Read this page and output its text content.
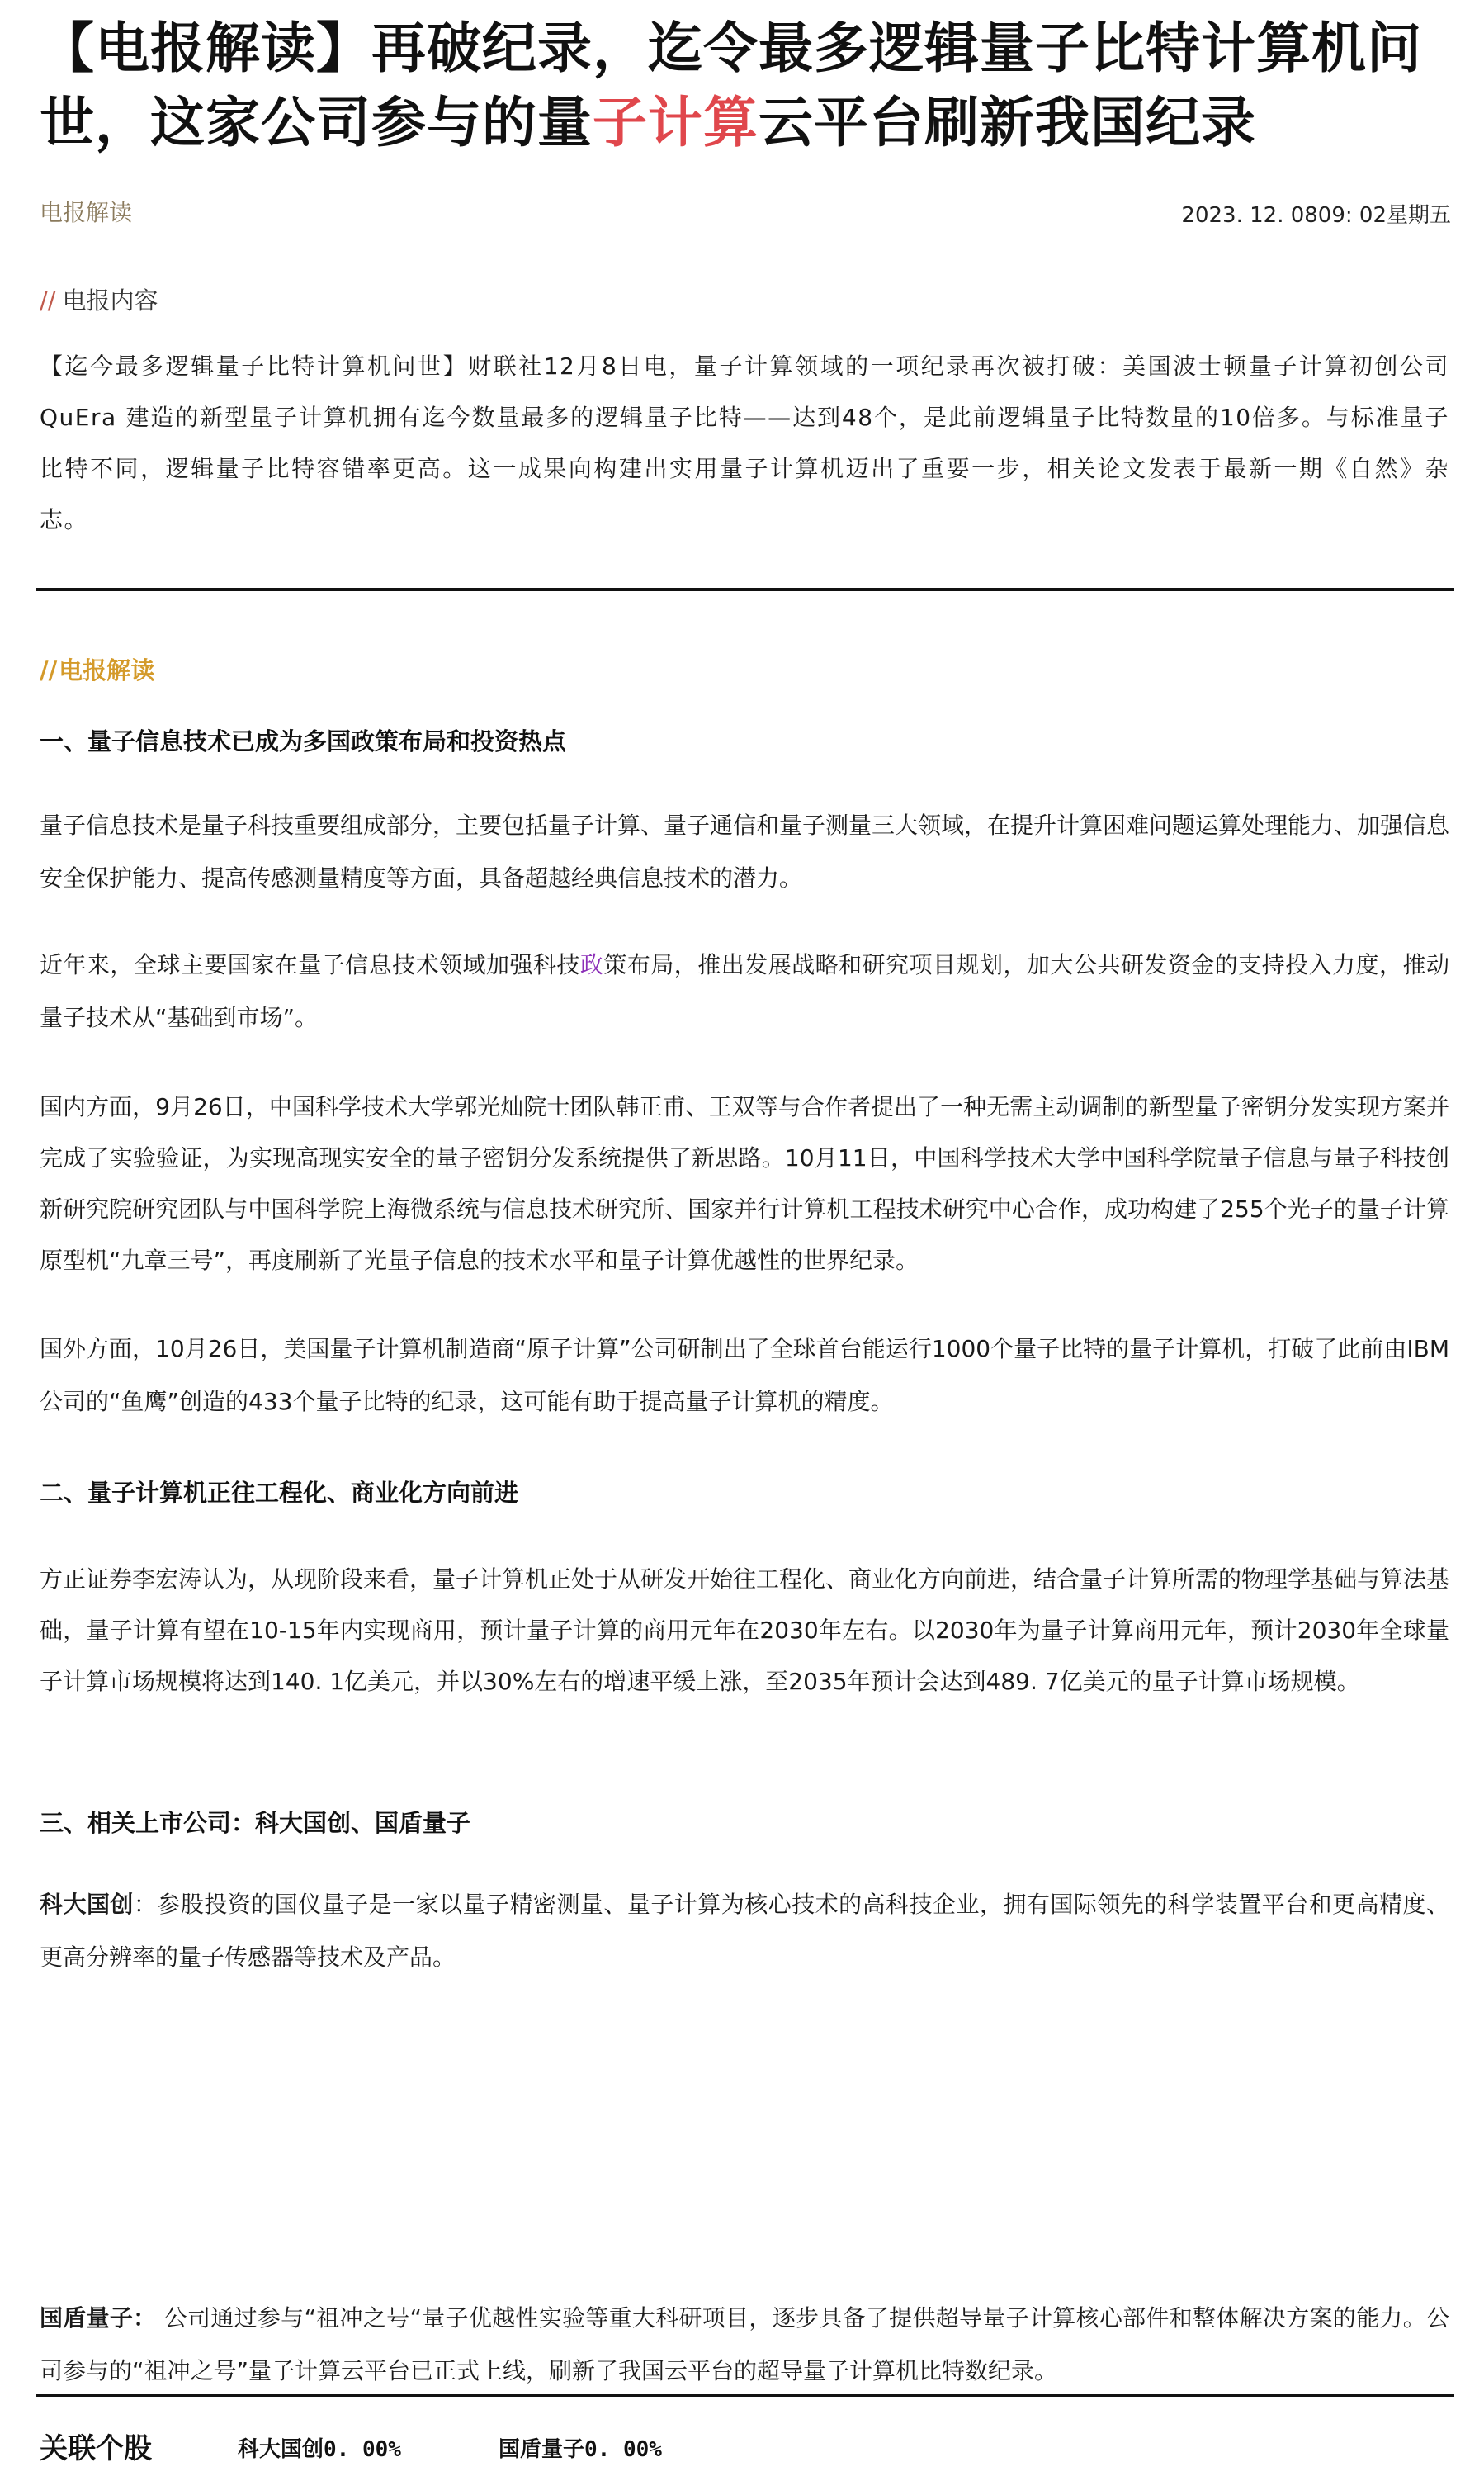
【电报解读】再破纪录，迄令最多逻辑量子比特计算机问世，这家公司参与的量子计算云平台刷新我国纪录
电报解读	2023. 12. 0809: 02星期五
// 电报内容
【迄今最多逻辑量子比特计算机问世】财联社12月8日电，量子计算领域的一项纪录再次被打破：美国波士顿量子计算初创公司QuEra 建造的新型量子计算机拥有迄今数量最多的逻辑量子比特——达到48个，是此前逻辑量子比特数量的10倍多。与标准量子比特不同，逻辑量子比特容错率更高。这一成果向构建出实用量子计算机迈出了重要一步，相关论文发表于最新一期《自然》杂志。
//电报解读
一、量子信息技术已成为多国政策布局和投资热点
量子信息技术是量子科技重要组成部分，主要包括量子计算、量子通信和量子测量三大领域，在提升计算困难问题运算处理能力、加强信息安全保护能力、提高传感测量精度等方面，具备超越经典信息技术的潜力。
近年来，全球主要国家在量子信息技术领域加强科技政策布局，推出发展战略和研究项目规划，加大公共研发资金的支持投入力度，推动量子技术从“基础到市场”。
国内方面，9月26日，中国科学技术大学郭光灿院士团队韩正甫、王双等与合作者提出了一种无需主动调制的新型量子密钥分发实现方案并完成了实验验证，为实现高现实安全的量子密钥分发系统提供了新思路。10月11日，中国科学技术大学中国科学院量子信息与量子科技创新研究院研究团队与中国科学院上海微系统与信息技术研究所、国家并行计算机工程技术研究中心合作，成功构建了255个光子的量子计算原型机“九章三号”，再度刷新了光量子信息的技术水平和量子计算优越性的世界纪录。
国外方面，10月26日，美国量子计算机制造商“原子计算”公司研制出了全球首台能运行1000个量子比特的量子计算机，打破了此前由IBM公司的“鱼鹰”创造的433个量子比特的纪录，这可能有助于提高量子计算机的精度。
二、量子计算机正往工程化、商业化方向前进
方正证券李宏涛认为，从现阶段来看，量子计算机正处于从研发开始往工程化、商业化方向前进，结合量子计算所需的物理学基础与算法基础，量子计算有望在10-15年内实现商用，预计量子计算的商用元年在2030年左右。以2030年为量子计算商用元年，预计2030年全球量子计算市场规模将达到140. 1亿美元，并以30%左右的增速平缓上涨，至2035年预计会达到489. 7亿美元的量子计算市场规模。
三、相关上市公司：科大国创、国盾量子
科大国创：参股投资的国仪量子是一家以量子精密测量、量子计算为核心技术的高科技企业，拥有国际领先的科学装置平台和更高精度、更高分辨率的量子传感器等技术及产品。
国盾量子： 公司通过参与“祖冲之号“量子优越性实验等重大科研项目，逐步具备了提供超导量子计算核心部件和整体解决方案的能力。公司参与的“祖冲之号”量子计算云平台已正式上线，刷新了我国云平台的超导量子计算机比特数纪录。
关联个股	科大国创0. 00%	国盾量子0. 00%
